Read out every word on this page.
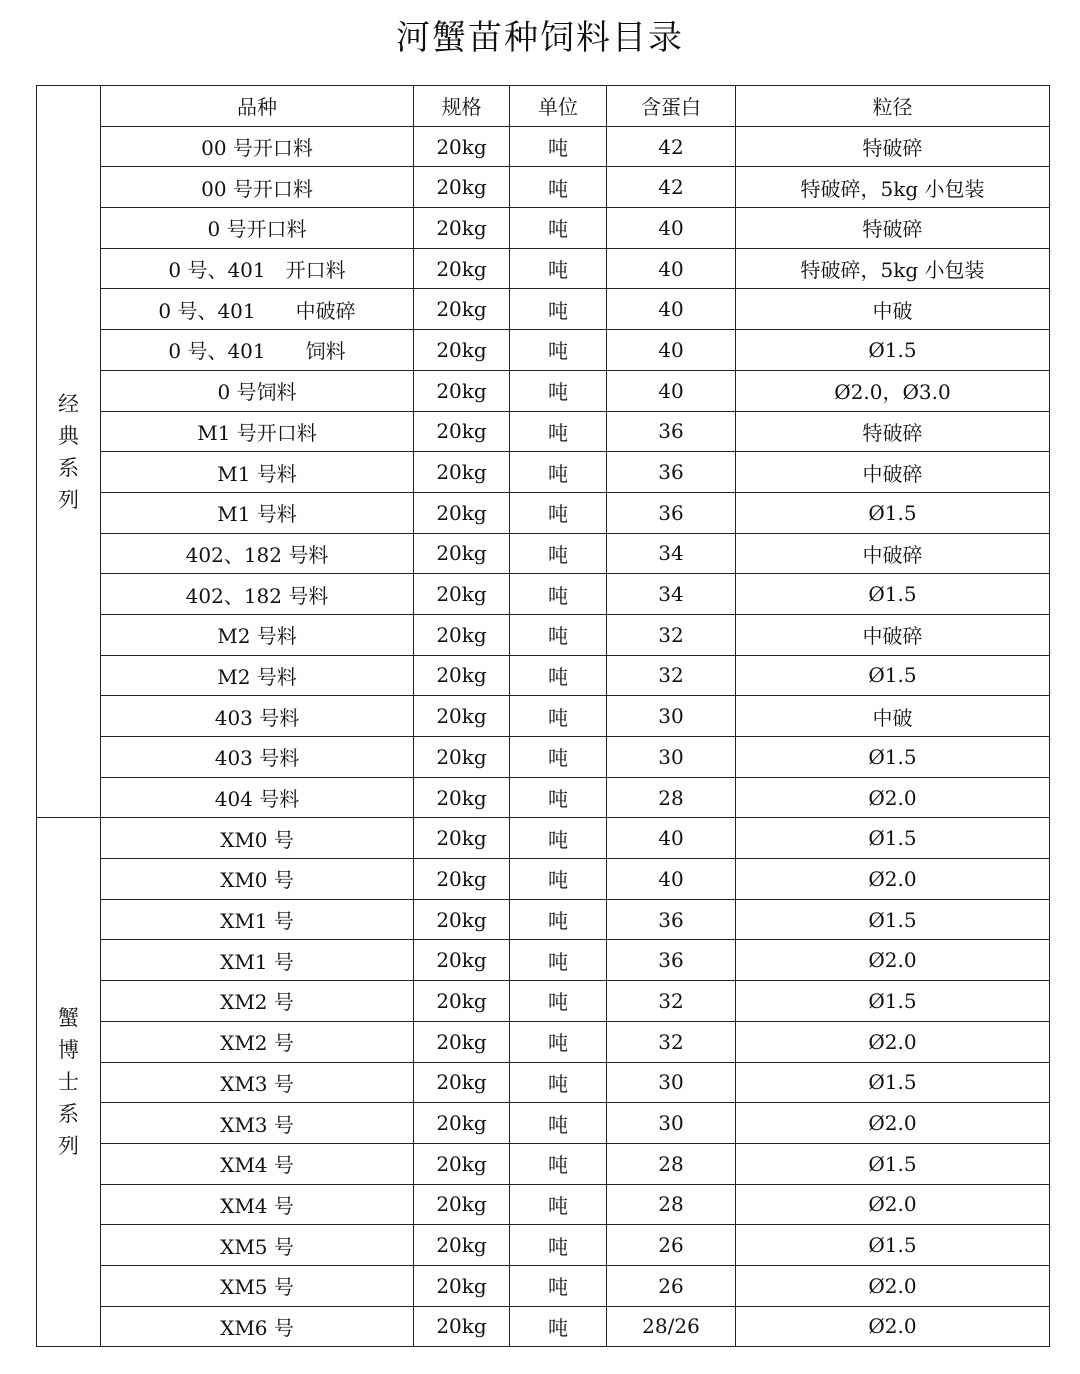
河蟹苗种饲料目录
经典系列	品种	规格	单位	含蛋白	粒径
	00 号开口料	20kg	吨	42	特破碎
	00 号开口料	20kg	吨	42	特破碎，5kg 小包装
	0 号开口料	20kg	吨	40	特破碎
	0 号、401　开口料	20kg	吨	40	特破碎，5kg 小包装
	0 号、401　　中破碎	20kg	吨	40	中破
	0 号、401　　饲料	20kg	吨	40	Ø1.5
	0 号饲料	20kg	吨	40	Ø2.0，Ø3.0
	M1 号开口料	20kg	吨	36	特破碎
	M1 号料	20kg	吨	36	中破碎
	M1 号料	20kg	吨	36	Ø1.5
	402、182 号料	20kg	吨	34	中破碎
	402、182 号料	20kg	吨	34	Ø1.5
	M2 号料	20kg	吨	32	中破碎
	M2 号料	20kg	吨	32	Ø1.5
	403 号料	20kg	吨	30	中破
	403 号料	20kg	吨	30	Ø1.5
	404 号料	20kg	吨	28	Ø2.0
蟹博士系列	XM0 号	20kg	吨	40	Ø1.5
	XM0 号	20kg	吨	40	Ø2.0
	XM1 号	20kg	吨	36	Ø1.5
	XM1 号	20kg	吨	36	Ø2.0
	XM2 号	20kg	吨	32	Ø1.5
	XM2 号	20kg	吨	32	Ø2.0
	XM3 号	20kg	吨	30	Ø1.5
	XM3 号	20kg	吨	30	Ø2.0
	XM4 号	20kg	吨	28	Ø1.5
	XM4 号	20kg	吨	28	Ø2.0
	XM5 号	20kg	吨	26	Ø1.5
	XM5 号	20kg	吨	26	Ø2.0
	XM6 号	20kg	吨	28/26	Ø2.0
